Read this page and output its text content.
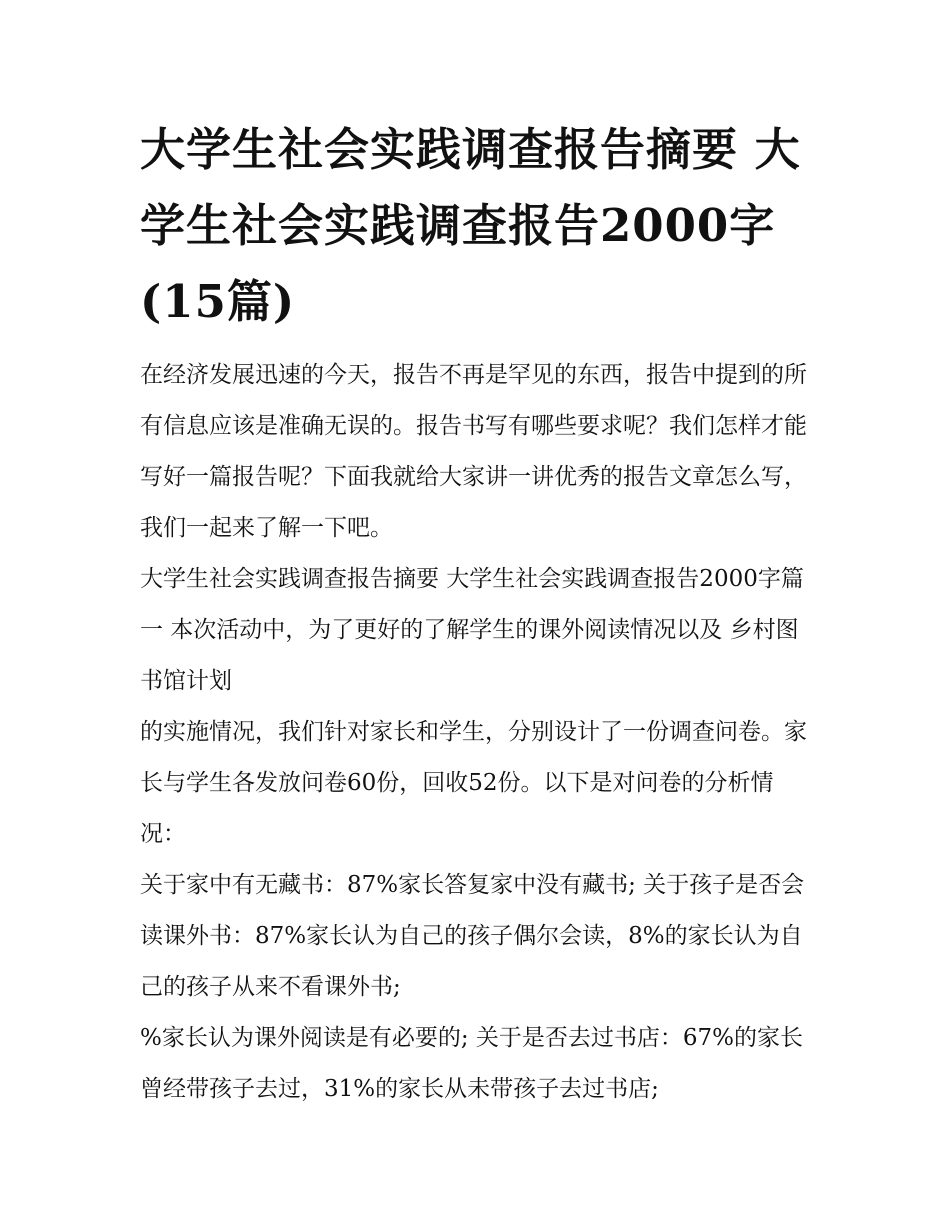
大学生社会实践调查报告摘要 大学生社会实践调查报告2000字(15篇)

在经济发展迅速的今天，报告不再是罕见的东西，报告中提到的所有信息应该是准确无误的。报告书写有哪些要求呢？我们怎样才能写好一篇报告呢？下面我就给大家讲一讲优秀的报告文章怎么写，我们一起来了解一下吧。

大学生社会实践调查报告摘要 大学生社会实践调查报告2000字篇一 本次活动中，为了更好的了解学生的课外阅读情况以及 乡村图书馆计划

的实施情况，我们针对家长和学生，分别设计了一份调查问卷。家长与学生各发放问卷60份，回收52份。以下是对问卷的分析情况：

关于家中有无藏书：87%家长答复家中没有藏书; 关于孩子是否会读课外书：87%家长认为自己的孩子偶尔会读，8%的家长认为自己的孩子从来不看课外书;

%家长认为课外阅读是有必要的; 关于是否去过书店：67%的家长曾经带孩子去过，31%的家长从未带孩子去过书店;
